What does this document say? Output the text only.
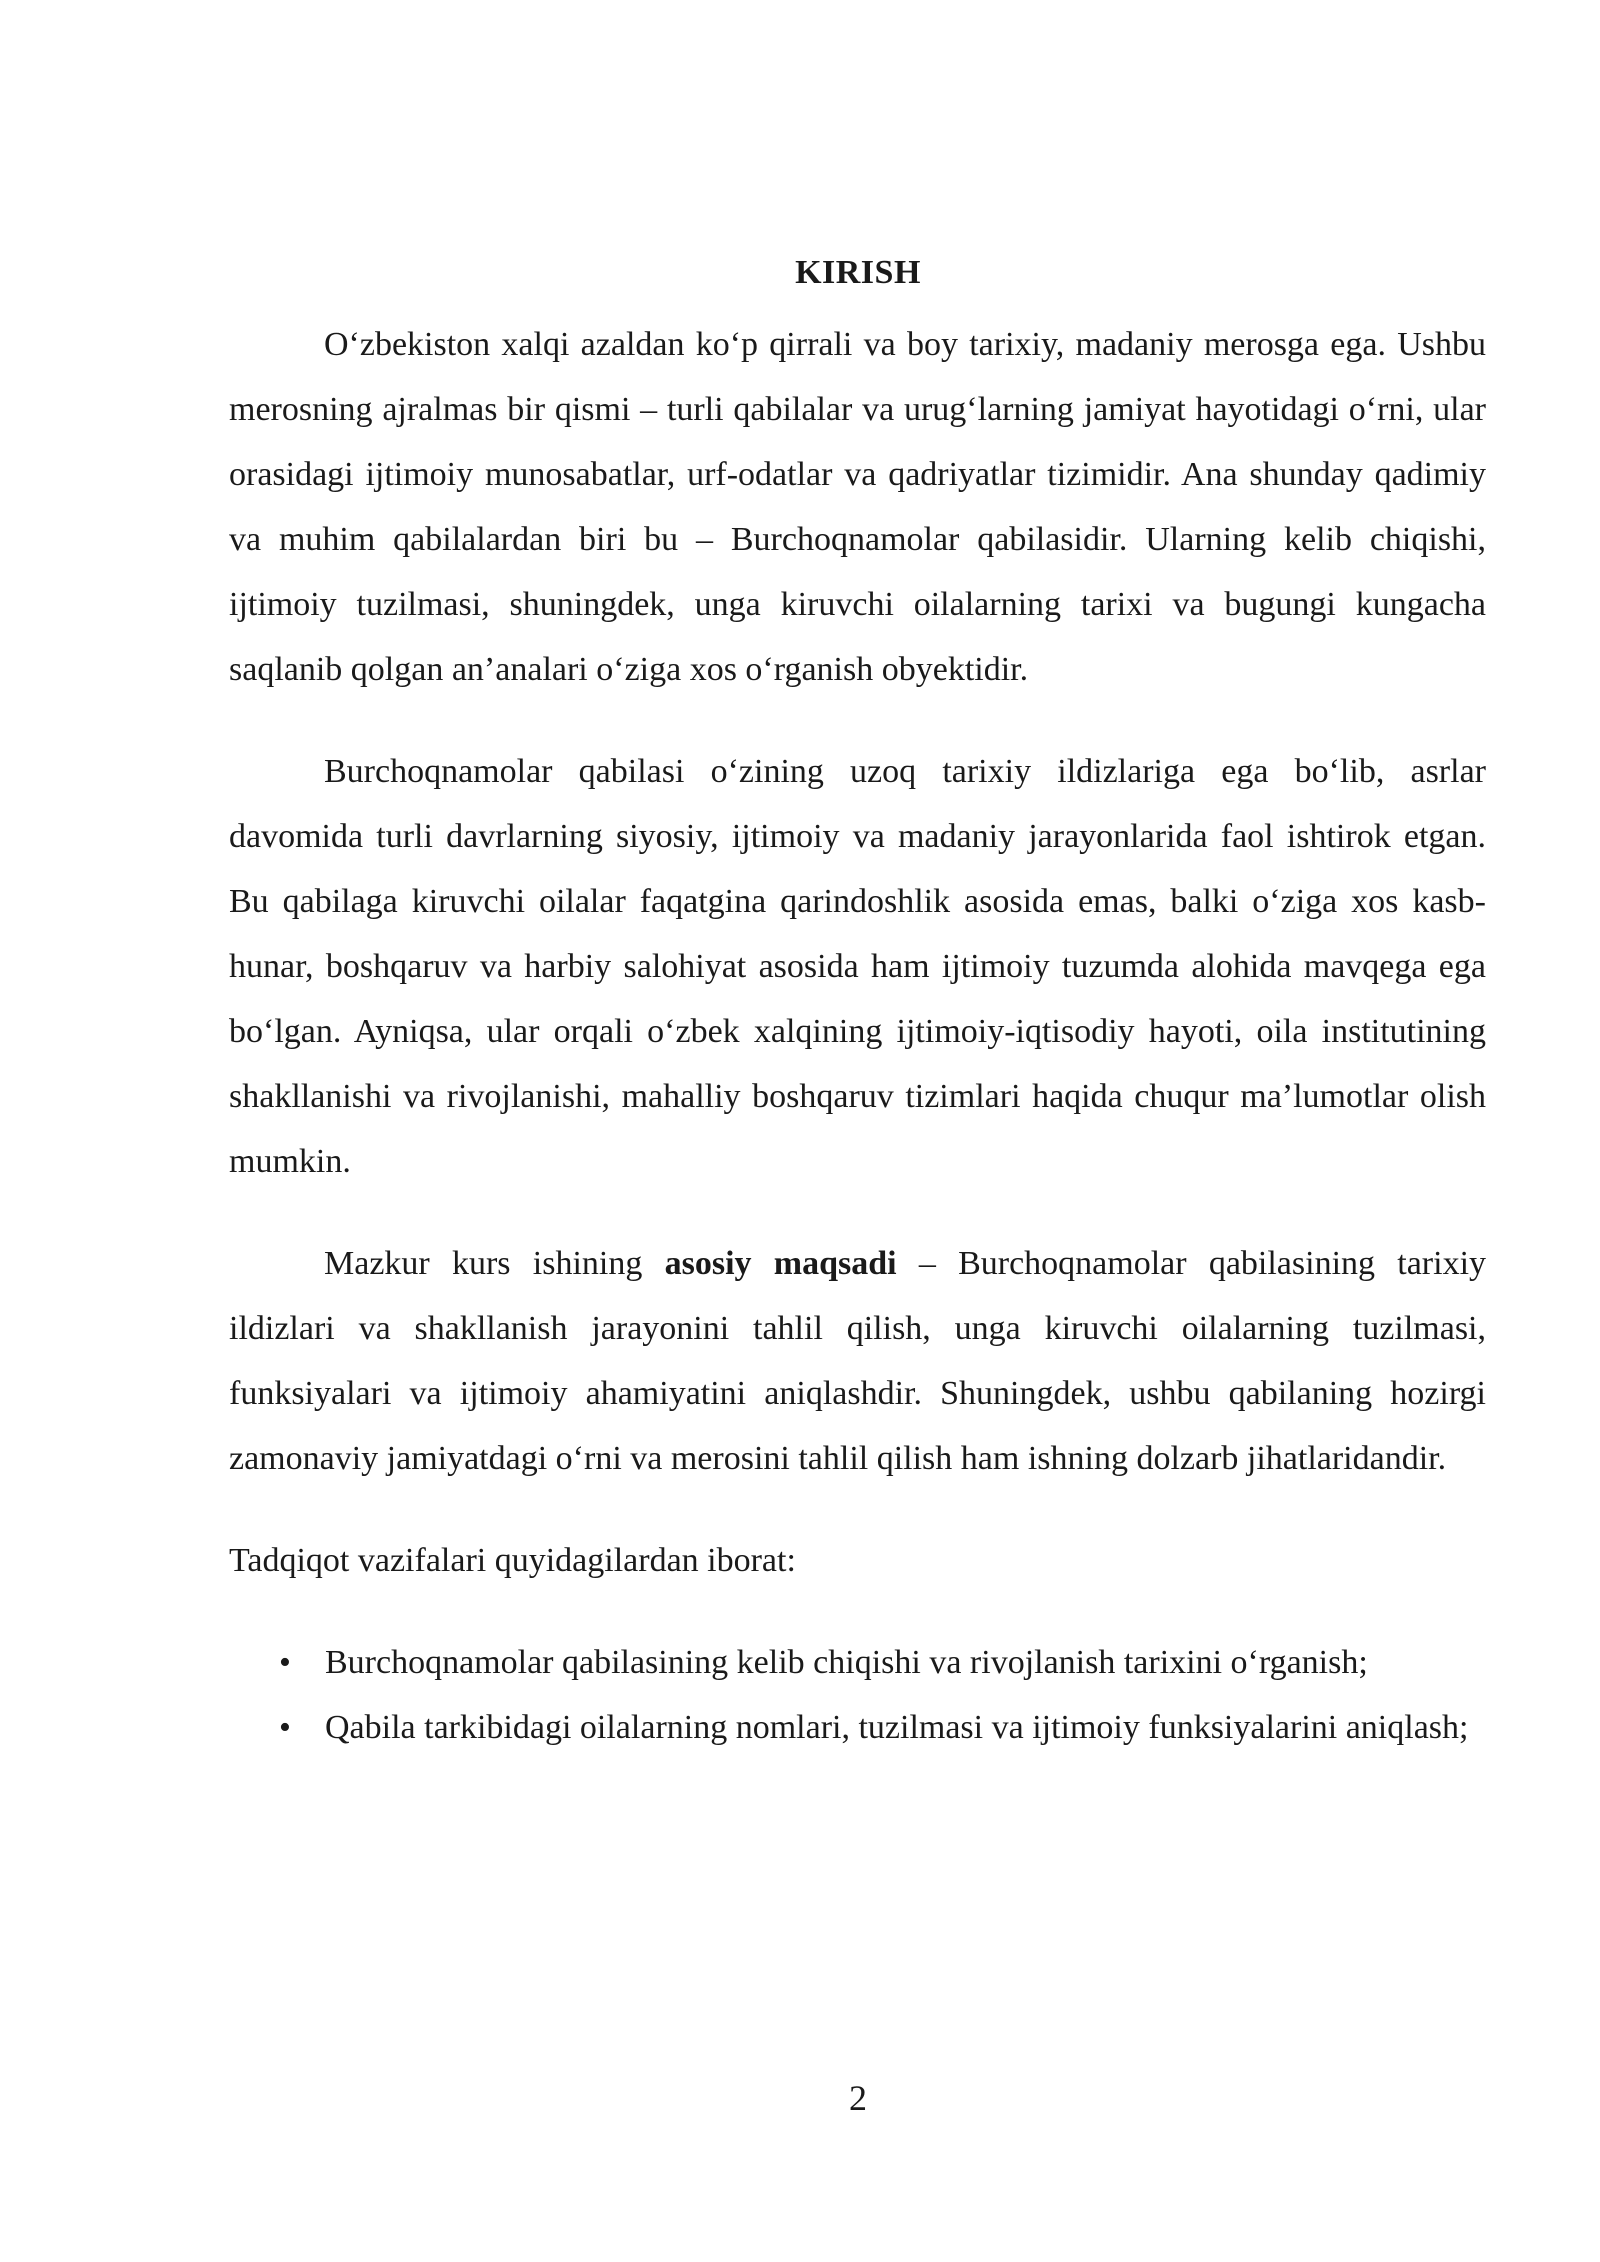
KIRISH

O‘zbekiston xalqi azaldan ko‘p qirrali va boy tarixiy, madaniy merosga ega. Ushbu merosning ajralmas bir qismi – turli qabilalar va urug‘larning jamiyat hayotidagi o‘rni, ular orasidagi ijtimoiy munosabatlar, urf-odatlar va qadriyatlar tizimidir. Ana shunday qadimiy va muhim qabilalardan biri bu – Burchoqnamolar qabilasidir. Ularning kelib chiqishi, ijtimoiy tuzilmasi, shuningdek, unga kiruvchi oilalarning tarixi va bugungi kungacha saqlanib qolgan an’analari o‘ziga xos o‘rganish obyektidir.

Burchoqnamolar qabilasi o‘zining uzoq tarixiy ildizlariga ega bo‘lib, asrlar davomida turli davrlarning siyosiy, ijtimoiy va madaniy jarayonlarida faol ishtirok etgan. Bu qabilaga kiruvchi oilalar faqatgina qarindoshlik asosida emas, balki o‘ziga xos kasb-hunar, boshqaruv va harbiy salohiyat asosida ham ijtimoiy tuzumda alohida mavqega ega bo‘lgan. Ayniqsa, ular orqali o‘zbek xalqining ijtimoiy-iqtisodiy hayoti, oila institutining shakllanishi va rivojlanishi, mahalliy boshqaruv tizimlari haqida chuqur ma’lumotlar olish mumkin.

Mazkur kurs ishining asosiy maqsadi – Burchoqnamolar qabilasining tarixiy ildizlari va shakllanish jarayonini tahlil qilish, unga kiruvchi oilalarning tuzilmasi, funksiyalari va ijtimoiy ahamiyatini aniqlashdir. Shuningdek, ushbu qabilaning hozirgi zamonaviy jamiyatdagi o‘rni va merosini tahlil qilish ham ishning dolzarb jihatlaridandir.

Tadqiqot vazifalari quyidagilardan iborat:

• Burchoqnamolar qabilasining kelib chiqishi va rivojlanish tarixini o‘rganish;
• Qabila tarkibidagi oilalarning nomlari, tuzilmasi va ijtimoiy funksiyalarini aniqlash;

2
